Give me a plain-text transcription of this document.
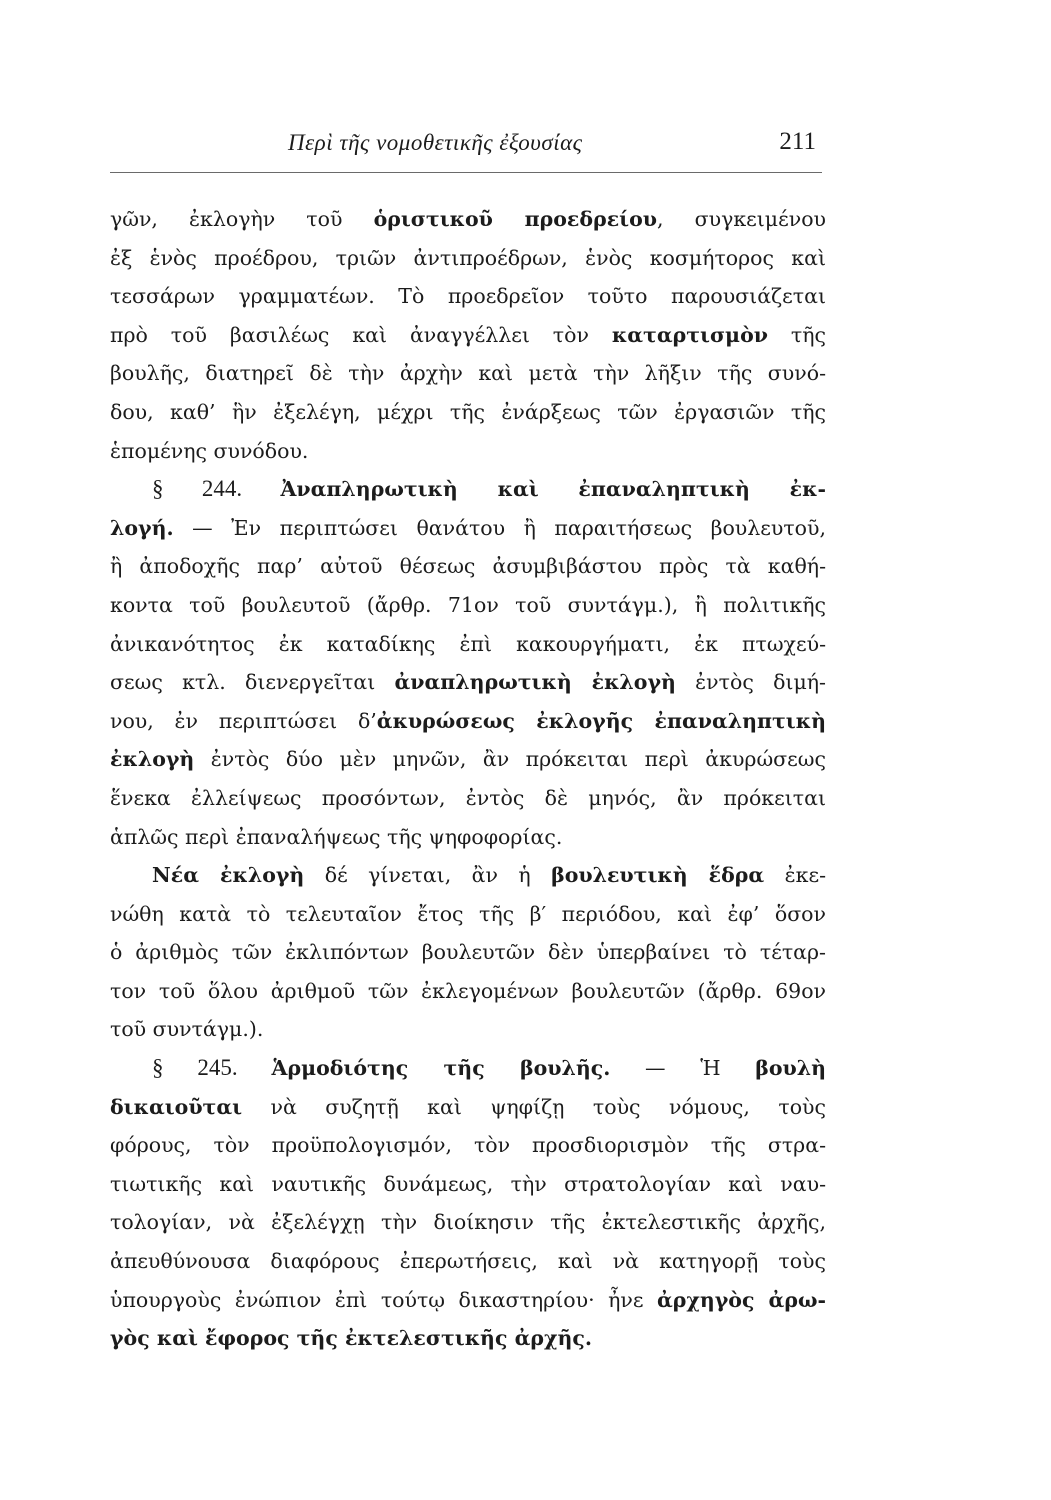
Περὶ τῆς νομοθετικῆς ἐξουσίας	211
γῶν, ἐκλογὴν τοῦ ὁριστικοῦ προεδρείου, συγκειμένου
ἐξ ἑνὸς προέδρου, τριῶν ἀντιπροέδρων, ἑνὸς κοσμήτορος καὶ
τεσσάρων γραμματέων. Τὸ προεδρεῖον τοῦτο παρουσιάζεται
πρὸ τοῦ βασιλέως καὶ ἀναγγέλλει τὸν καταρτισμὸν τῆς
βουλῆς, διατηρεῖ δὲ τὴν ἀρχὴν καὶ μετὰ τὴν λῆξιν τῆς συνό-
δου, καθ’ ἣν ἐξελέγη, μέχρι τῆς ἐνάρξεως τῶν ἐργασιῶν τῆς
ἑπομένης συνόδου.
§ 244. Ἀναπληρωτικὴ καὶ ἐπαναληπτικὴ ἐκ-
λογή. — Ἐν περιπτώσει θανάτου ἢ παραιτήσεως βουλευτοῦ,
ἢ ἀποδοχῆς παρ’ αὐτοῦ θέσεως ἀσυμβιβάστου πρὸς τὰ καθή-
κοντα τοῦ βουλευτοῦ (ἄρθρ. 71ον τοῦ συντάγμ.), ἢ πολιτικῆς
ἀνικανότητος ἐκ καταδίκης ἐπὶ κακουργήματι, ἐκ πτωχεύ-
σεως κτλ. διενεργεῖται ἀναπληρωτικὴ ἐκλογὴ ἐντὸς διμή-
νου, ἐν περιπτώσει δ’ἀκυρώσεως ἐκλογῆς ἐπαναληπτικὴ
ἐκλογὴ ἐντὸς δύο μὲν μηνῶν, ἂν πρόκειται περὶ ἀκυρώσεως
ἕνεκα ἐλλείψεως προσόντων, ἐντὸς δὲ μηνός, ἂν πρόκειται
ἁπλῶς περὶ ἐπαναλήψεως τῆς ψηφοφορίας.
Νέα ἐκλογὴ δέ γίνεται, ἂν ἡ βουλευτικὴ ἕδρα ἐκε-
νώθη κατὰ τὸ τελευταῖον ἔτος τῆς β′ περιόδου, καὶ ἐφ’ ὅσον
ὁ ἀριθμὸς τῶν ἐκλιπόντων βουλευτῶν δὲν ὑπερβαίνει τὸ τέταρ-
τον τοῦ ὅλου ἀριθμοῦ τῶν ἐκλεγομένων βουλευτῶν (ἄρθρ. 69ον
τοῦ συντάγμ.).
§ 245. Ἁρμοδιότης τῆς βουλῆς. — Ἡ βουλὴ
δικαιοῦται νὰ συζητῇ καὶ ψηφίζῃ τοὺς νόμους, τοὺς
φόρους, τὸν προϋπολογισμόν, τὸν προσδιορισμὸν τῆς στρα-
τιωτικῆς καὶ ναυτικῆς δυνάμεως, τὴν στρατολογίαν καὶ ναυ-
τολογίαν, νὰ ἐξελέγχῃ τὴν διοίκησιν τῆς ἐκτελεστικῆς ἀρχῆς,
ἀπευθύνουσα διαφόρους ἐπερωτήσεις, καὶ νὰ κατηγορῇ τοὺς
ὑπουργοὺς ἐνώπιον ἐπὶ τούτῳ δικαστηρίου· ἦνε ἀρχηγὸς ἀρω-
γὸς καὶ ἔφορος τῆς ἐκτελεστικῆς ἀρχῆς.
